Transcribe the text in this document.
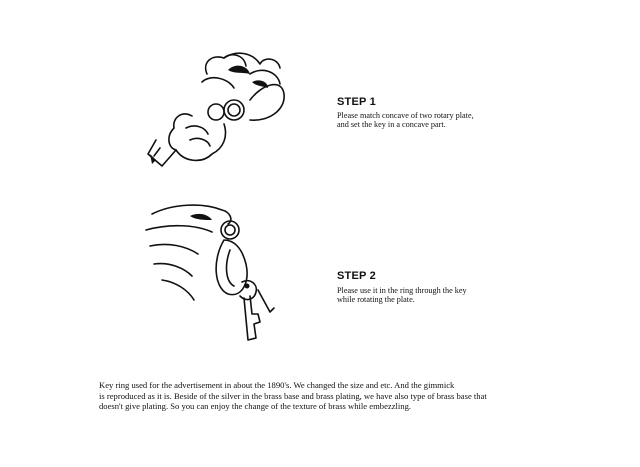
STEP 1
Please match concave of two rotary plate,
and set the key in a concave part.
STEP 2
Please use it in the ring through the key
while rotating the plate.
Key ring used for the advertisement in about the 1890's. We changed the size and etc. And the gimmick
is reproduced as it is. Beside of the silver in the brass base and brass plating, we have also type of brass base that
doesn't give plating. So you can enjoy the change of the texture of brass while embezzling.
